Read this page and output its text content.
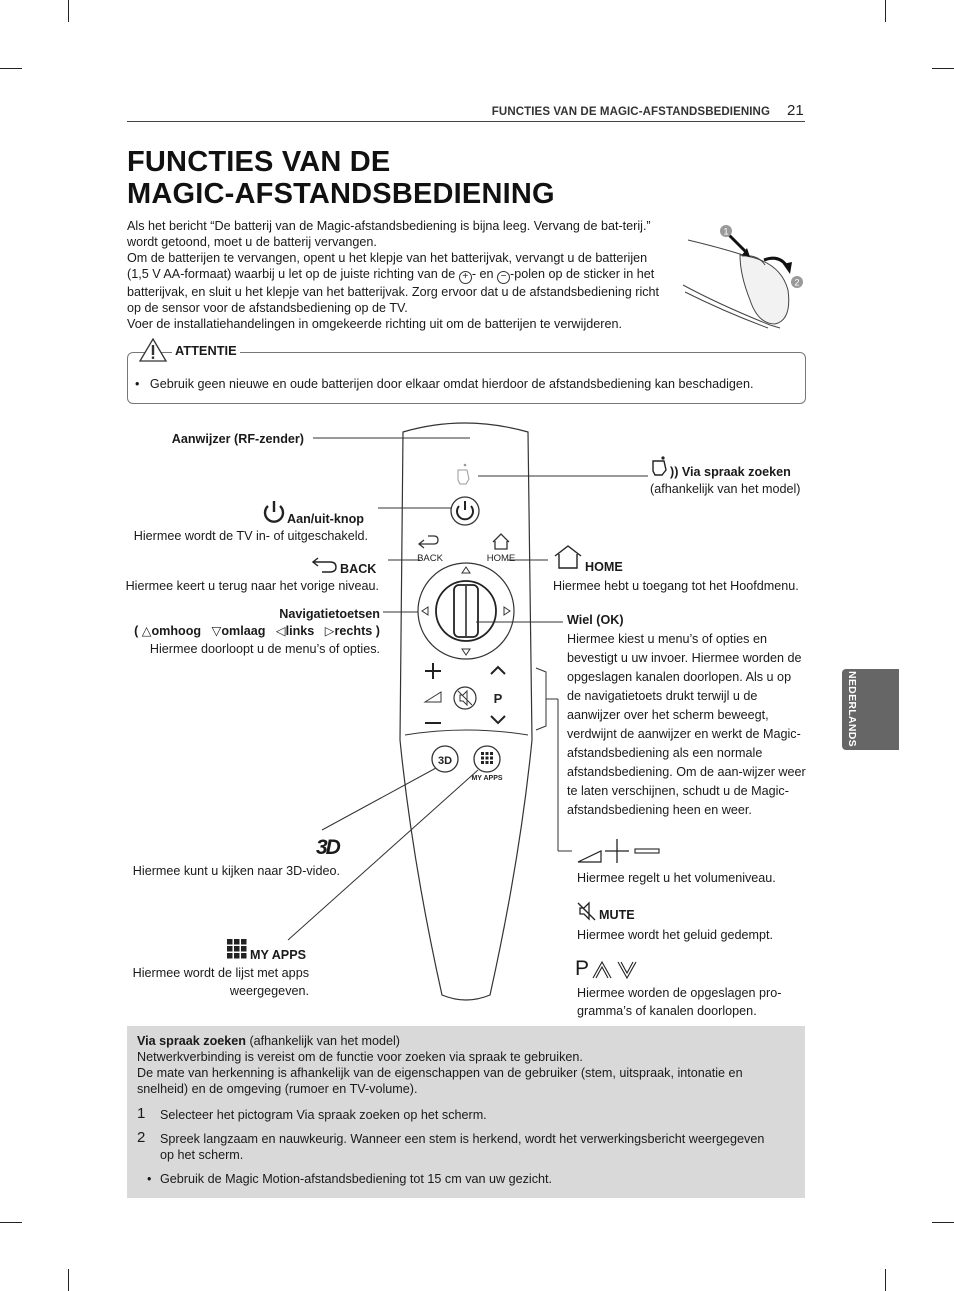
FUNCTIES VAN DE MAGIC-AFSTANDSBEDIENING 21
FUNCTIES VAN DE
MAGIC-AFSTANDSBEDIENING

Als het bericht “De batterij van de Magic-afstandsbediening is bijna leeg. Vervang de bat-terij.” wordt getoond, moet u de batterij vervangen.

Om de batterijen te vervangen, opent u het klepje van het batterijvak, vervangt u de batterijen (1,5 V AA-formaat) waarbij u let op de juiste richting van de + - en − -polen op de sticker in het batterijvak, en sluit u het klepje van het batterijvak. Zorg ervoor dat u de afstandsbediening richt op de sensor voor de afstandsbediening op de TV.

Voer de installatiehandelingen in omgekeerde richting uit om de batterijen te verwijderen.

1
2
ATTENTIE
• Gebruik geen nieuwe en oude batterijen door elkaar omdat hierdoor de afstandsbediening kan beschadigen.
BACK	HOME
P
3D
MY APPS
Aanwijzer (RF-zender)
)) Via spraak zoeken
(afhankelijk van het model)
Aan/uit-knop
Hiermee wordt de TV in- of uitgeschakeld.
BACK
Hiermee keert u terug naar het vorige niveau.
HOME
Hiermee hebt u toegang tot het Hoofdmenu.
Navigatietoetsen
( △omhoog ▽omlaag ◁links ▷rechts )
Hiermee doorloopt u de menu’s of opties.
Wiel (OK)
Hiermee kiest u menu’s of opties en bevestigt u uw invoer. Hiermee worden de opgeslagen kanalen doorlopen. Als u op de navigatietoets drukt terwijl u de aanwijzer over het scherm beweegt, verdwijnt de aanwijzer en werkt de Magic-afstandsbediening als een normale afstandsbediening. Om de aan-wijzer weer te laten verschijnen, schudt u de Magic-afstandsbediening heen en weer.
Hiermee regelt u het volumeniveau.
MUTE
Hiermee wordt het geluid gedempt.
P
Hiermee worden de opgeslagen pro-gramma’s of kanalen doorlopen.
3D
Hiermee kunt u kijken naar 3D-video.
MY APPS
Hiermee wordt de lijst met apps weergegeven.
Via spraak zoeken (afhankelijk van het model)
Netwerkverbinding is vereist om de functie voor zoeken via spraak te gebruiken.
De mate van herkenning is afhankelijk van de eigenschappen van de gebruiker (stem, uitspraak, intonatie en snelheid) en de omgeving (rumoer en TV-volume).
1 Selecteer het pictogram Via spraak zoeken op het scherm.
2 Spreek langzaam en nauwkeurig. Wanneer een stem is herkend, wordt het verwerkingsbericht weergegeven op het scherm.
• Gebruik de Magic Motion-afstandsbediening tot 15 cm van uw gezicht.
NEDERLANDS
